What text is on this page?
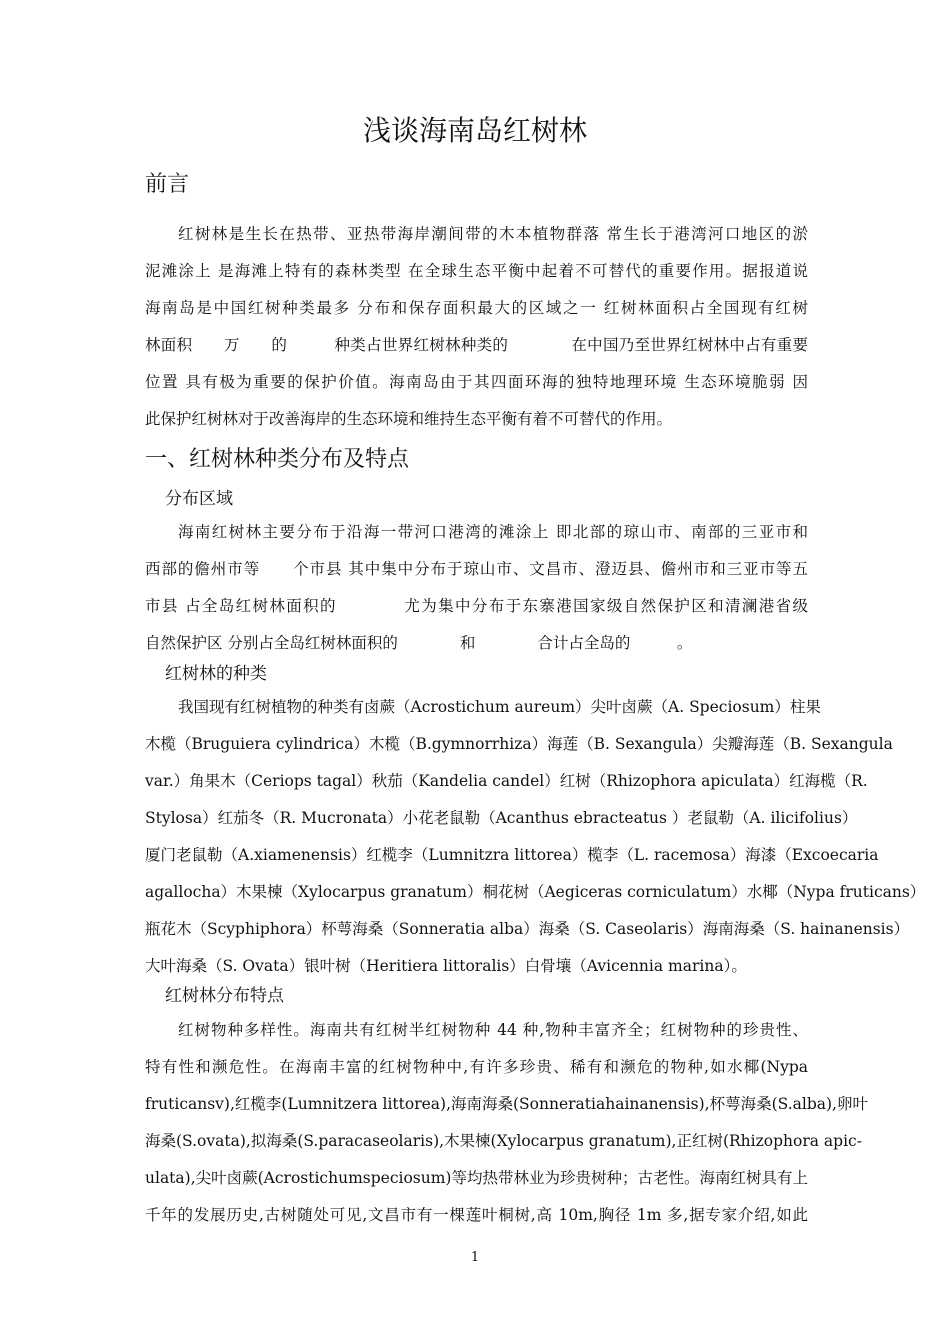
浅谈海南岛红树林
前言
红树林是生长在热带、亚热带海岸潮间带的木本植物群落 常生长于港湾河口地区的淤
泥滩涂上 是海滩上特有的森林类型 在全球生态平衡中起着不可替代的重要作用。据报道说
海南岛是中国红树种类最多 分布和保存面积最大的区域之一 红树林面积占全国现有红树
林面积　　万　　的　　　种类占世界红树林种类的　　　　在中国乃至世界红树林中占有重要
位置 具有极为重要的保护价值。海南岛由于其四面环海的独特地理环境 生态环境脆弱 因
此保护红树林对于改善海岸的生态环境和维持生态平衡有着不可替代的作用。
一、红树林种类分布及特点
分布区域
海南红树林主要分布于沿海一带河口港湾的滩涂上 即北部的琼山市、南部的三亚市和
西部的儋州市等　　个市县 其中集中分布于琼山市、文昌市、澄迈县、儋州市和三亚市等五
市县 占全岛红树林面积的　　　　尤为集中分布于东寨港国家级自然保护区和清澜港省级
自然保护区 分别占全岛红树林面积的　　　　和　　　　合计占全岛的　　　。
红树林的种类
我国现有红树植物的种类有卤蕨（Acrostichum aureum）尖叶卤蕨（A. Speciosum）柱果
木榄（Bruguiera cylindrica）木榄（B.gymnorrhiza）海莲（B. Sexangula）尖瓣海莲（B. Sexangula
var.）角果木（Ceriops tagal）秋茄（Kandelia candel）红树（Rhizophora apiculata）红海榄（R.
Stylosa）红茄冬（R. Mucronata）小花老鼠勒（Acanthus ebracteatus ）老鼠勒（A. ilicifolius）
厦门老鼠勒（A.xiamenensis）红榄李（Lumnitzra littorea）榄李（L. racemosa）海漆（Excoecaria
agallocha）木果楝（Xylocarpus granatum）桐花树（Aegiceras corniculatum）水椰（Nypa fruticans）
瓶花木（Scyphiphora）杯萼海桑（Sonneratia alba）海桑（S. Caseolaris）海南海桑（S. hainanensis）
大叶海桑（S. Ovata）银叶树（Heritiera littoralis）白骨壤（Avicennia marina）。
红树林分布特点
红树物种多样性。海南共有红树半红树物种 44 种,物种丰富齐全；红树物种的珍贵性、
特有性和濒危性。在海南丰富的红树物种中,有许多珍贵、稀有和濒危的物种,如水椰(Nypa
fruticansv),红榄李(Lumnitzera littorea),海南海桑(Sonneratiahainanensis),杯萼海桑(S.alba),卵叶
海桑(S.ovata),拟海桑(S.paracaseolaris),木果楝(Xylocarpus granatum),正红树(Rhizophora apic-
ulata),尖叶卤蕨(Acrostichumspeciosum)等均热带林业为珍贵树种；古老性。海南红树具有上
千年的发展历史,古树随处可见,文昌市有一棵莲叶桐树,高 10m,胸径 1m 多,据专家介绍,如此
1
